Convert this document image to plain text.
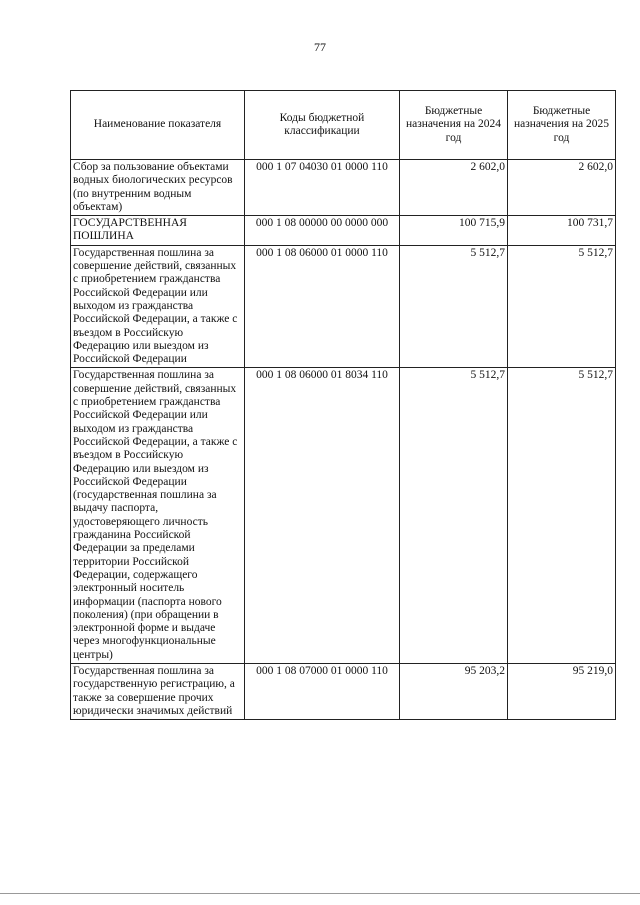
77
Наименование показателя	Коды бюджетной классификации	Бюджетные назначения на 2024 год	Бюджетные назначения на 2025 год
Сбор за пользование объектами водных биологических ресурсов (по внутренним водным объектам)	000 1 07 04030 01 0000 110	2 602,0	2 602,0
ГОСУДАРСТВЕННАЯ ПОШЛИНА	000 1 08 00000 00 0000 000	100 715,9	100 731,7
Государственная пошлина за совершение действий, связанных с приобретением гражданства Российской Федерации или выходом из гражданства Российской Федерации, а также с въездом в Российскую Федерацию или выездом из Российской Федерации	000 1 08 06000 01 0000 110	5 512,7	5 512,7
Государственная пошлина за совершение действий, связанных с приобретением гражданства Российской Федерации или выходом из гражданства Российской Федерации, а также с въездом в Российскую Федерацию или выездом из Российской Федерации (государственная пошлина за выдачу паспорта, удостоверяющего личность гражданина Российской Федерации за пределами территории Российской Федерации, содержащего электронный носитель информации (паспорта нового поколения) (при обращении в электронной форме и выдаче через многофункциональные центры)	000 1 08 06000 01 8034 110	5 512,7	5 512,7
Государственная пошлина за государственную регистрацию, а также за совершение прочих юридически значимых действий	000 1 08 07000 01 0000 110	95 203,2	95 219,0
